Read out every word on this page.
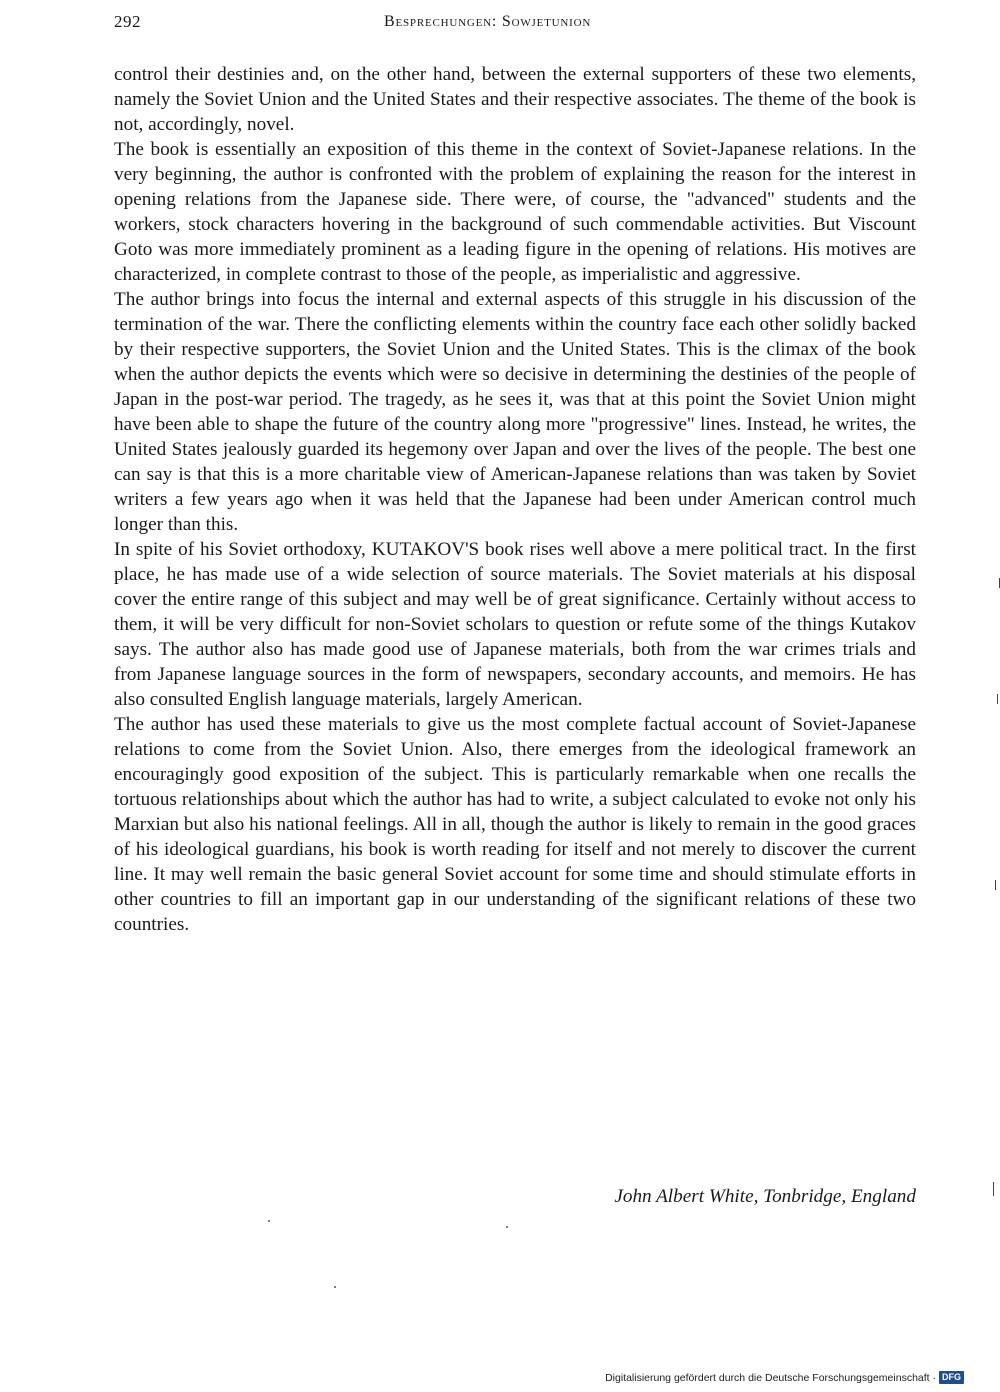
292	Besprechungen: Sowjetunion

control their destinies and, on the other hand, between the external supporters of these two elements, namely the Soviet Union and the United States and their respective associates. The theme of the book is not, accordingly, novel.

The book is essentially an exposition of this theme in the context of Soviet-Japanese relations. In the very beginning, the author is confronted with the problem of explaining the reason for the interest in opening relations from the Japanese side. There were, of course, the "advanced" students and the workers, stock characters hovering in the background of such commendable activities. But Viscount Goto was more immediately prominent as a leading figure in the opening of relations. His motives are characterized, in complete contrast to those of the people, as imperialistic and aggressive.

The author brings into focus the internal and external aspects of this struggle in his discussion of the termination of the war. There the conflicting elements within the country face each other solidly backed by their respective supporters, the Soviet Union and the United States. This is the climax of the book when the author depicts the events which were so decisive in determining the destinies of the people of Japan in the post-war period. The tragedy, as he sees it, was that at this point the Soviet Union might have been able to shape the future of the country along more "progressive" lines. Instead, he writes, the United States jealously guarded its hegemony over Japan and over the lives of the people. The best one can say is that this is a more charitable view of American-Japanese relations than was taken by Soviet writers a few years ago when it was held that the Japanese had been under American control much longer than this.

In spite of his Soviet orthodoxy, KUTAKOV'S book rises well above a mere political tract. In the first place, he has made use of a wide selection of source materials. The Soviet materials at his disposal cover the entire range of this subject and may well be of great significance. Certainly without access to them, it will be very difficult for non-Soviet scholars to question or refute some of the things Kutakov says. The author also has made good use of Japanese materials, both from the war crimes trials and from Japanese language sources in the form of newspapers, secondary accounts, and memoirs. He has also consulted English language materials, largely American.

The author has used these materials to give us the most complete factual account of Soviet-Japanese relations to come from the Soviet Union. Also, there emerges from the ideological framework an encouragingly good exposition of the subject. This is particularly remarkable when one recalls the tortuous relationships about which the author has had to write, a subject calculated to evoke not only his Marxian but also his national feelings. All in all, though the author is likely to remain in the good graces of his ideological guardians, his book is worth reading for itself and not merely to discover the current line. It may well remain the basic general Soviet account for some time and should stimulate efforts in other countries to fill an important gap in our understanding of the significant relations of these two countries.

John Albert White, Tonbridge, England
Digitalisierung gefördert durch die Deutsche Forschungsgemeinschaft · DFG
